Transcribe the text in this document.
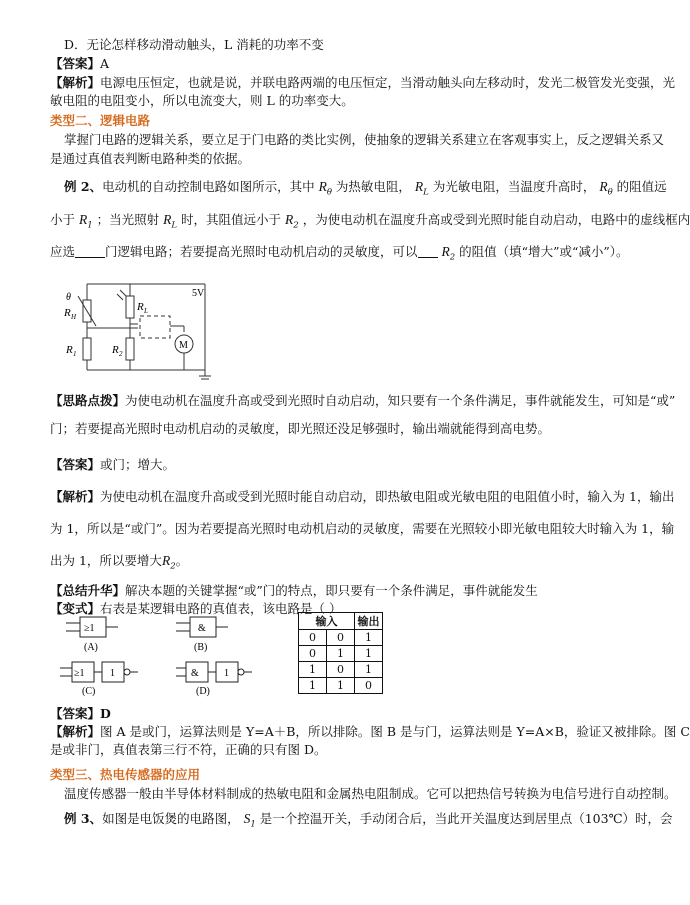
D．无论怎样移动滑动触头，L 消耗的功率不变
【答案】A
【解析】电源电压恒定，也就是说，并联电路两端的电压恒定，当滑动触头向左移动时，发光二极管发光变强，光
敏电阻的电阻变小，所以电流变大，则 L 的功率变大。
类型二、逻辑电路
掌握门电路的逻辑关系，要立足于门电路的类比实例，使抽象的逻辑关系建立在客观事实上，反之逻辑关系又
是通过真值表判断电路种类的依据。
例 2、电动机的自动控制电路如图所示，其中 $R_\theta$ 为热敏电阻， $R_L$ 为光敏电阻，当温度升高时， $R_\theta$ 的阻值远
小于 $R_1$ ；当光照射 $R_L$ 时，其阻值远小于 $R_2$ ，为使电动机在温度升高或受到光照时能自动启动，电路中的虚线框内
应选 门逻辑电路；若要提高光照时电动机启动的灵敏度，可以 $R_2$ 的阻值（填“增大”或“减小”）。
θ
R H
R L
R 1	R 2
5V
M
【思路点拨】为使电动机在温度升高或受到光照时自动启动，知只要有一个条件满足，事件就能发生，可知是“或”
门；若要提高光照时电动机启动的灵敏度，即光照还没足够强时，输出端就能得到高电势。
【答案】或门；增大。
【解析】为使电动机在温度升高或受到光照时能自动启动，即热敏电阻或光敏电阻的电阻值小时，输入为 1，输出
为 1，所以是“或门”。因为若要提高光照时电动机启动的灵敏度，需要在光照较小即光敏电阻较大时输入为 1，输
出为 1，所以要增大$R_2$。
【总结升华】解决本题的关键掌握“或”门的特点，即只要有一个条件满足，事件就能发生
【变式】右表是某逻辑电路的真值表，该电路是（ ）
≥1	&
≥1	1	&	1
(A)	(B)
(C)	(D)
输入		输出
0	0	1
0	1	1
1	0	1
1	1	0
【答案】D
【解析】图 A 是或门，运算法则是 Y=A＋B，所以排除。图 B 是与门，运算法则是 Y=A×B，验证又被排除。图 C
是或非门，真值表第三行不符，正确的只有图 D。
类型三、热电传感器的应用
温度传感器一般由半导体材料制成的热敏电阻和金属热电阻制成。它可以把热信号转换为电信号进行自动控制。
例 3、如图是电饭煲的电路图， $S_1$ 是一个控温开关，手动闭合后，当此开关温度达到居里点（103℃）时，会
